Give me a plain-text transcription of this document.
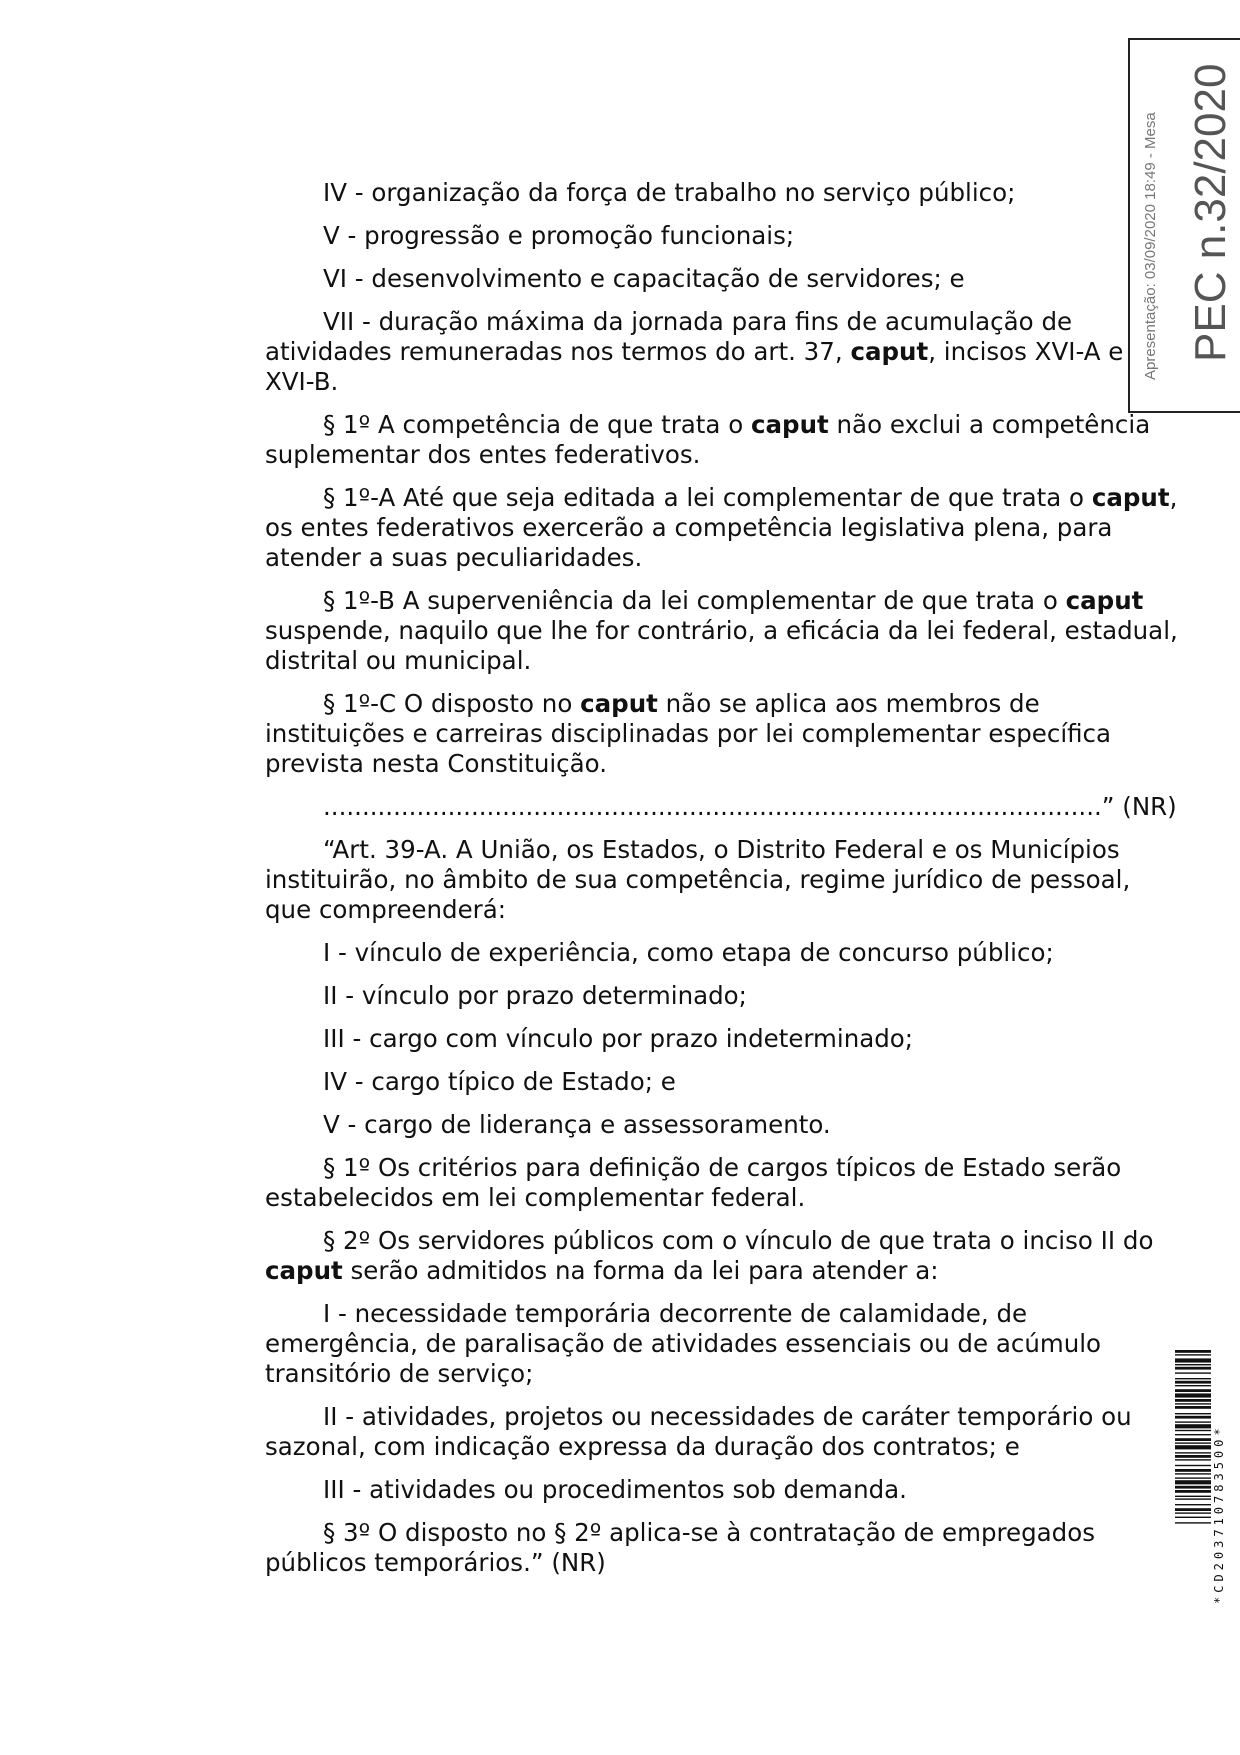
Apresentação: 03/09/2020 18:49 - Mesa PEC n.32/2020

IV - organização da força de trabalho no serviço público;

V - progressão e promoção funcionais;

VI - desenvolvimento e capacitação de servidores; e

VII - duração máxima da jornada para fins de acumulação de atividades remuneradas nos termos do art. 37, caput, incisos XVI-A e XVI-B.

§ 1º A competência de que trata o caput não exclui a competência suplementar dos entes federativos.

§ 1º-A Até que seja editada a lei complementar de que trata o caput, os entes federativos exercerão a competência legislativa plena, para atender a suas peculiaridades.

§ 1º-B A superveniência da lei complementar de que trata o caput suspende, naquilo que lhe for contrário, a eficácia da lei federal, estadual, distrital ou municipal.

§ 1º-C O disposto no caput não se aplica aos membros de instituições e carreiras disciplinadas por lei complementar específica prevista nesta Constituição.

....................................................................................................” (NR)

“Art. 39-A. A União, os Estados, o Distrito Federal e os Municípios instituirão, no âmbito de sua competência, regime jurídico de pessoal, que compreenderá:

I - vínculo de experiência, como etapa de concurso público;

II - vínculo por prazo determinado;

III - cargo com vínculo por prazo indeterminado;

IV - cargo típico de Estado; e

V - cargo de liderança e assessoramento.

§ 1º Os critérios para definição de cargos típicos de Estado serão estabelecidos em lei complementar federal.

§ 2º Os servidores públicos com o vínculo de que trata o inciso II do caput serão admitidos na forma da lei para atender a:

I - necessidade temporária decorrente de calamidade, de emergência, de paralisação de atividades essenciais ou de acúmulo transitório de serviço;

II - atividades, projetos ou necessidades de caráter temporário ou sazonal, com indicação expressa da duração dos contratos; e

III - atividades ou procedimentos sob demanda.

§ 3º O disposto no § 2º aplica-se à contratação de empregados públicos temporários.” (NR)	*CD203710783500*
